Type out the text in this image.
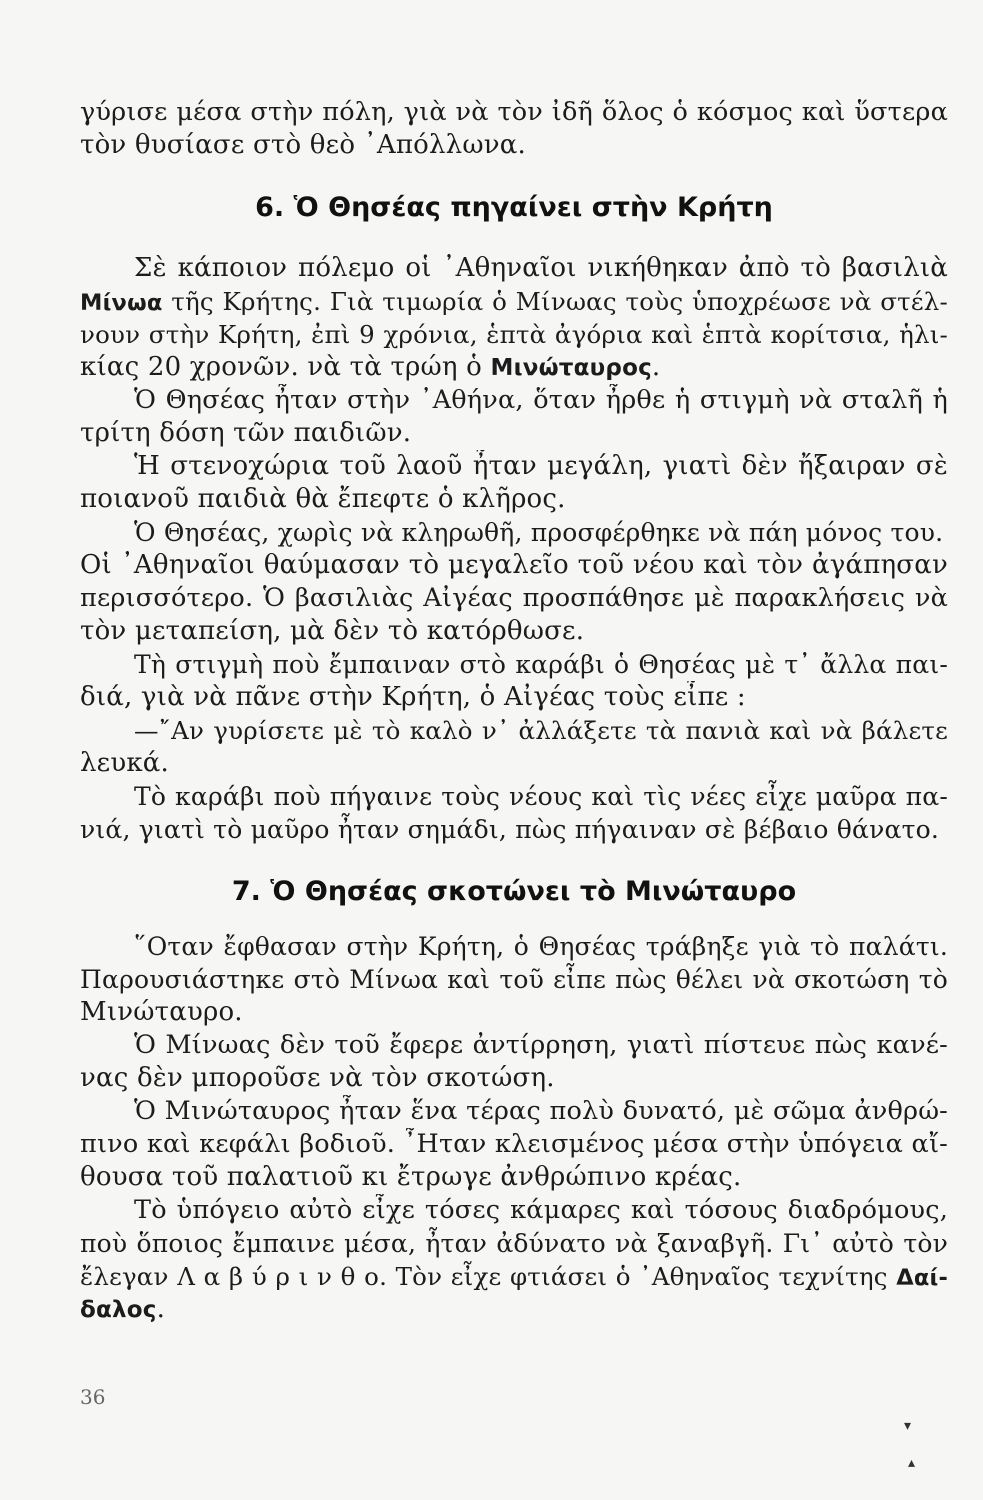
γύρισε μέσα στὴν πόλη, γιὰ νὰ τὸν ἰδῆ ὅλος ὁ κόσμος καὶ ὕστερα
τὸν θυσίασε στὸ θεὸ ᾿Απόλλωνα.
6. Ὁ Θησέας πηγαίνει στὴν Κρήτη
Σὲ κάποιον πόλεμο οἱ ᾿Αθηναῖοι νικήθηκαν ἀπὸ τὸ βασιλιὰ
Μίνωα τῆς Κρήτης. Γιὰ τιμωρία ὁ Μίνωας τοὺς ὑποχρέωσε νὰ στέλ-
νουν στὴν Κρήτη, ἐπὶ 9 χρόνια, ἑπτὰ ἀγόρια καὶ ἑπτὰ κορίτσια, ἡλι-
κίας 20 χρονῶν. νὰ τὰ τρώη ὁ Μινώταυρος.
Ὁ Θησέας ἦταν στὴν ᾿Αθήνα, ὅταν ἦρθε ἡ στιγμὴ νὰ σταλῆ ἡ
τρίτη δόση τῶν παιδιῶν.
Ἡ στενοχώρια τοῦ λαοῦ ἦταν μεγάλη, γιατὶ δὲν ἤξαιραν σὲ
ποιανοῦ παιδιὰ θὰ ἔπεφτε ὁ κλῆρος.
Ὁ Θησέας, χωρὶς νὰ κληρωθῆ, προσφέρθηκε νὰ πάη μόνος του.
Οἱ ᾿Αθηναῖοι θαύμασαν τὸ μεγαλεῖο τοῦ νέου καὶ τὸν ἀγάπησαν
περισσότερο. Ὁ βασιλιὰς Αἰγέας προσπάθησε μὲ παρακλήσεις νὰ
τὸν μεταπείση, μὰ δὲν τὸ κατόρθωσε.
Τὴ στιγμὴ ποὺ ἔμπαιναν στὸ καράβι ὁ Θησέας μὲ τ᾿ ἄλλα παι-
διά, γιὰ νὰ πᾶνε στὴν Κρήτη, ὁ Αἰγέας τοὺς εἶπε :
—῎Αν γυρίσετε μὲ τὸ καλὸ ν᾿ ἀλλάξετε τὰ πανιὰ καὶ νὰ βάλετε
λευκά.
Τὸ καράβι ποὺ πήγαινε τοὺς νέους καὶ τὶς νέες εἶχε μαῦρα πα-
νιά, γιατὶ τὸ μαῦρο ἦταν σημάδι, πὼς πήγαιναν σὲ βέβαιο θάνατο.
7. Ὁ Θησέας σκοτώνει τὸ Μινώταυρο
῞Οταν ἔφθασαν στὴν Κρήτη, ὁ Θησέας τράβηξε γιὰ τὸ παλάτι.
Παρουσιάστηκε στὸ Μίνωα καὶ τοῦ εἶπε πὼς θέλει νὰ σκοτώση τὸ
Μινώταυρο.
Ὁ Μίνωας δὲν τοῦ ἔφερε ἀντίρρηση, γιατὶ πίστευε πὼς κανέ-
νας δὲν μποροῦσε νὰ τὸν σκοτώση.
Ὁ Μινώταυρος ἦταν ἕνα τέρας πολὺ δυνατό, μὲ σῶμα ἀνθρώ-
πινο καὶ κεφάλι βοδιοῦ. ῏Ηταν κλεισμένος μέσα στὴν ὑπόγεια αἴ-
θουσα τοῦ παλατιοῦ κι ἔτρωγε ἀνθρώπινο κρέας.
Τὸ ὑπόγειο αὐτὸ εἶχε τόσες κάμαρες καὶ τόσους διαδρόμους,
ποὺ ὅποιος ἔμπαινε μέσα, ἦταν ἀδύνατο νὰ ξαναβγῆ. Γι᾿ αὐτὸ τὸν
ἔλεγαν Λ α β ύ ρ ι ν θ ο. Τὸν εἶχε φτιάσει ὁ ᾿Αθηναῖος τεχνίτης Δαί-
δαλος.
36
▾
▴
